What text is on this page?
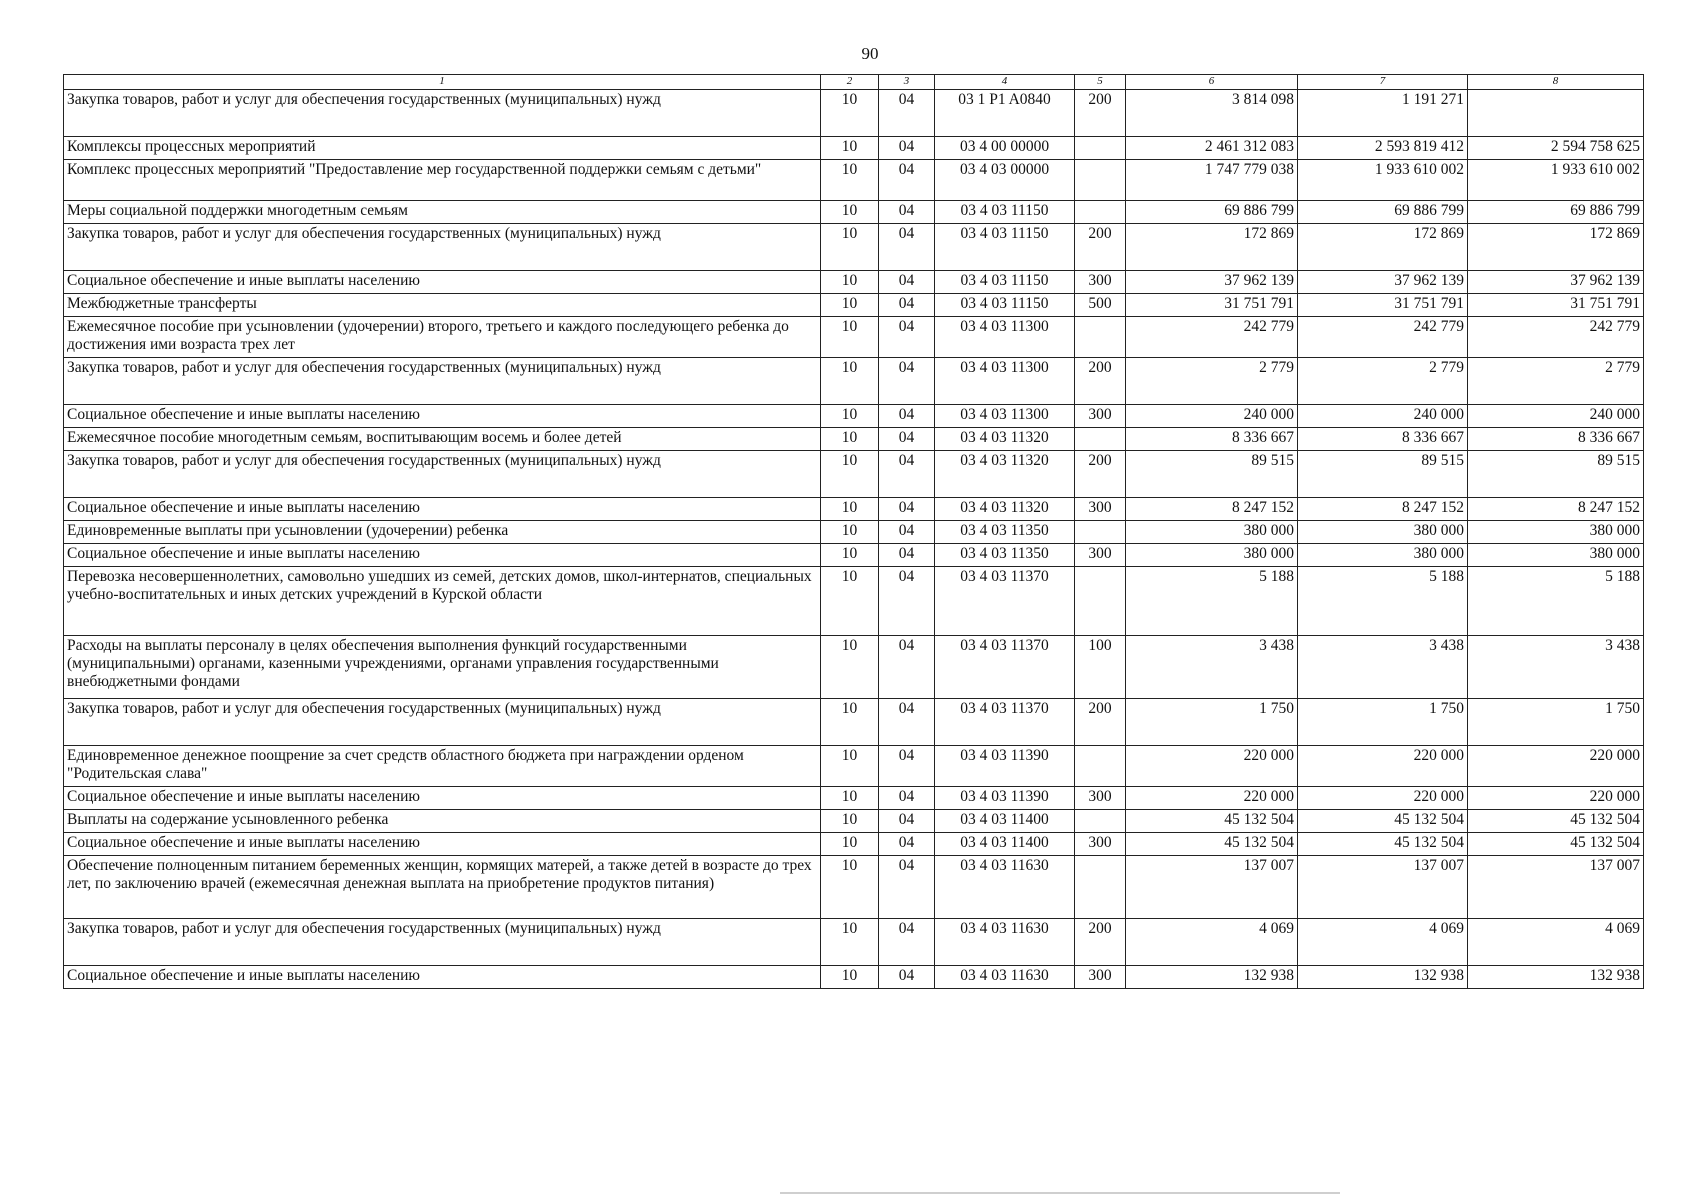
90
1	2	3	4	5	6	7	8
Закупка товаров, работ и услуг для обеспечения государственных (муниципальных) нужд	10	04	03 1 P1 A0840	200	3 814 098	1 191 271	
Комплексы процессных мероприятий	10	04	03 4 00 00000		2 461 312 083	2 593 819 412	2 594 758 625
Комплекс процессных мероприятий "Предоставление мер государственной поддержки семьям с детьми"	10	04	03 4 03 00000		1 747 779 038	1 933 610 002	1 933 610 002
Меры социальной поддержки многодетным семьям	10	04	03 4 03 11150		69 886 799	69 886 799	69 886 799
Закупка товаров, работ и услуг для обеспечения государственных (муниципальных) нужд	10	04	03 4 03 11150	200	172 869	172 869	172 869
Социальное обеспечение и иные выплаты населению	10	04	03 4 03 11150	300	37 962 139	37 962 139	37 962 139
Межбюджетные трансферты	10	04	03 4 03 11150	500	31 751 791	31 751 791	31 751 791
Ежемесячное пособие при усыновлении (удочерении) второго, третьего и каждого последующего ребенка до достижения ими возраста трех лет	10	04	03 4 03 11300		242 779	242 779	242 779
Закупка товаров, работ и услуг для обеспечения государственных (муниципальных) нужд	10	04	03 4 03 11300	200	2 779	2 779	2 779
Социальное обеспечение и иные выплаты населению	10	04	03 4 03 11300	300	240 000	240 000	240 000
Ежемесячное пособие многодетным семьям, воспитывающим восемь и более детей	10	04	03 4 03 11320		8 336 667	8 336 667	8 336 667
Закупка товаров, работ и услуг для обеспечения государственных (муниципальных) нужд	10	04	03 4 03 11320	200	89 515	89 515	89 515
Социальное обеспечение и иные выплаты населению	10	04	03 4 03 11320	300	8 247 152	8 247 152	8 247 152
Единовременные выплаты при усыновлении (удочерении) ребенка	10	04	03 4 03 11350		380 000	380 000	380 000
Социальное обеспечение и иные выплаты населению	10	04	03 4 03 11350	300	380 000	380 000	380 000
Перевозка несовершеннолетних, самовольно ушедших из семей, детских домов, школ-интернатов, специальных учебно-воспитательных и иных детских учреждений в Курской области	10	04	03 4 03 11370		5 188	5 188	5 188
Расходы на выплаты персоналу в целях обеспечения выполнения функций государственными (муниципальными) органами, казенными учреждениями, органами управления государственными внебюджетными фондами	10	04	03 4 03 11370	100	3 438	3 438	3 438
Закупка товаров, работ и услуг для обеспечения государственных (муниципальных) нужд	10	04	03 4 03 11370	200	1 750	1 750	1 750
Единовременное денежное поощрение за счет средств областного бюджета при награждении орденом "Родительская слава"	10	04	03 4 03 11390		220 000	220 000	220 000
Социальное обеспечение и иные выплаты населению	10	04	03 4 03 11390	300	220 000	220 000	220 000
Выплаты на содержание усыновленного ребенка	10	04	03 4 03 11400		45 132 504	45 132 504	45 132 504
Социальное обеспечение и иные выплаты населению	10	04	03 4 03 11400	300	45 132 504	45 132 504	45 132 504
Обеспечение полноценным питанием беременных женщин, кормящих матерей, а также детей в возрасте до трех лет, по заключению врачей (ежемесячная денежная выплата на приобретение продуктов питания)	10	04	03 4 03 11630		137 007	137 007	137 007
Закупка товаров, работ и услуг для обеспечения государственных (муниципальных) нужд	10	04	03 4 03 11630	200	4 069	4 069	4 069
Социальное обеспечение и иные выплаты населению	10	04	03 4 03 11630	300	132 938	132 938	132 938
